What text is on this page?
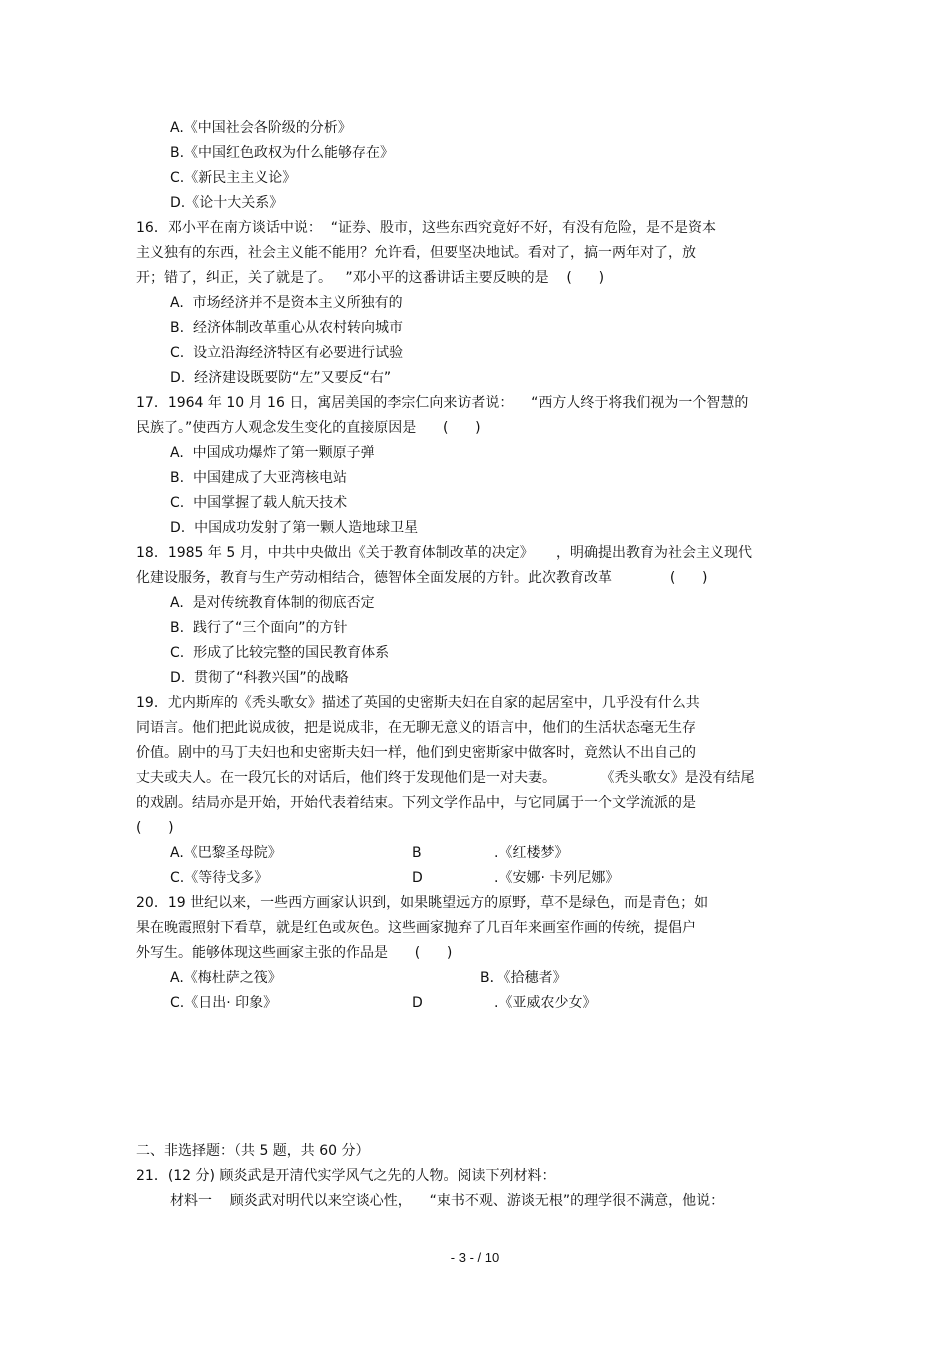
A.《中国社会各阶级的分析》
B.《中国红色政权为什么能够存在》
C.《新民主主义论》
D.《论十大关系》
16．邓小平在南方谈话中说：  “证券、股市，这些东西究竟好不好，有没有危险，是不是资本
主义独有的东西，社会主义能不能用？允许看，但要坚决地试。看对了，搞一两年对了，放
开；错了，纠正，关了就是了。   ”邓小平的这番讲话主要反映的是    (      )
A.  市场经济并不是资本主义所独有的
B.  经济体制改革重心从农村转向城市
C.  设立沿海经济特区有必要进行试验
D.  经济建设既要防“左”又要反“右”
17．1964 年 10 月 16 日，寓居美国的李宗仁向来访者说：    “西方人终于将我们视为一个智慧的
民族了。”使西方人观念发生变化的直接原因是      (      )
A.  中国成功爆炸了第一颗原子弹
B.  中国建成了大亚湾核电站
C.  中国掌握了载人航天技术
D.  中国成功发射了第一颗人造地球卫星
18．1985 年 5 月，中共中央做出《关于教育体制改革的决定》     ，明确提出教育为社会主义现代
化建设服务，教育与生产劳动相结合，德智体全面发展的方针。此次教育改革             (      )
A.  是对传统教育体制的彻底否定
B.  践行了“三个面向”的方针
C.  形成了比较完整的国民教育体系
D.  贯彻了“科教兴国”的战略
19．尤内斯库的《秃头歌女》描述了英国的史密斯夫妇在自家的起居室中，几乎没有什么共
同语言。他们把此说成彼，把是说成非，在无聊无意义的语言中，他们的生活状态毫无生存
价值。剧中的马丁夫妇也和史密斯夫妇一样，他们到史密斯家中做客时，竟然认不出自己的
丈夫或夫人。在一段冗长的对话后，他们终于发现他们是一对夫妻。          《秃头歌女》是没有结尾
的戏剧。结局亦是开始，开始代表着结束。下列文学作品中，与它同属于一个文学流派的是
(      )
A.《巴黎圣母院》	B	.《红楼梦》
C.《等待戈多》	D	.《安娜· 卡列尼娜》
20．19 世纪以来，一些西方画家认识到，如果眺望远方的原野，草不是绿色，而是青色；如
果在晚霞照射下看草，就是红色或灰色。这些画家抛弃了几百年来画室作画的传统，提倡户
外写生。能够体现这些画家主张的作品是      (      )
A.《梅杜萨之筏》	B．《拾穗者》
C.《日出· 印象》	D	.《亚威农少女》
二、非选择题：（共 5 题，共 60 分）
21．(12 分) 顾炎武是开清代实学风气之先的人物。阅读下列材料：
材料一    顾炎武对明代以来空谈心性，    “束书不观、游谈无根”的理学很不满意，他说：
- 3 - / 10
